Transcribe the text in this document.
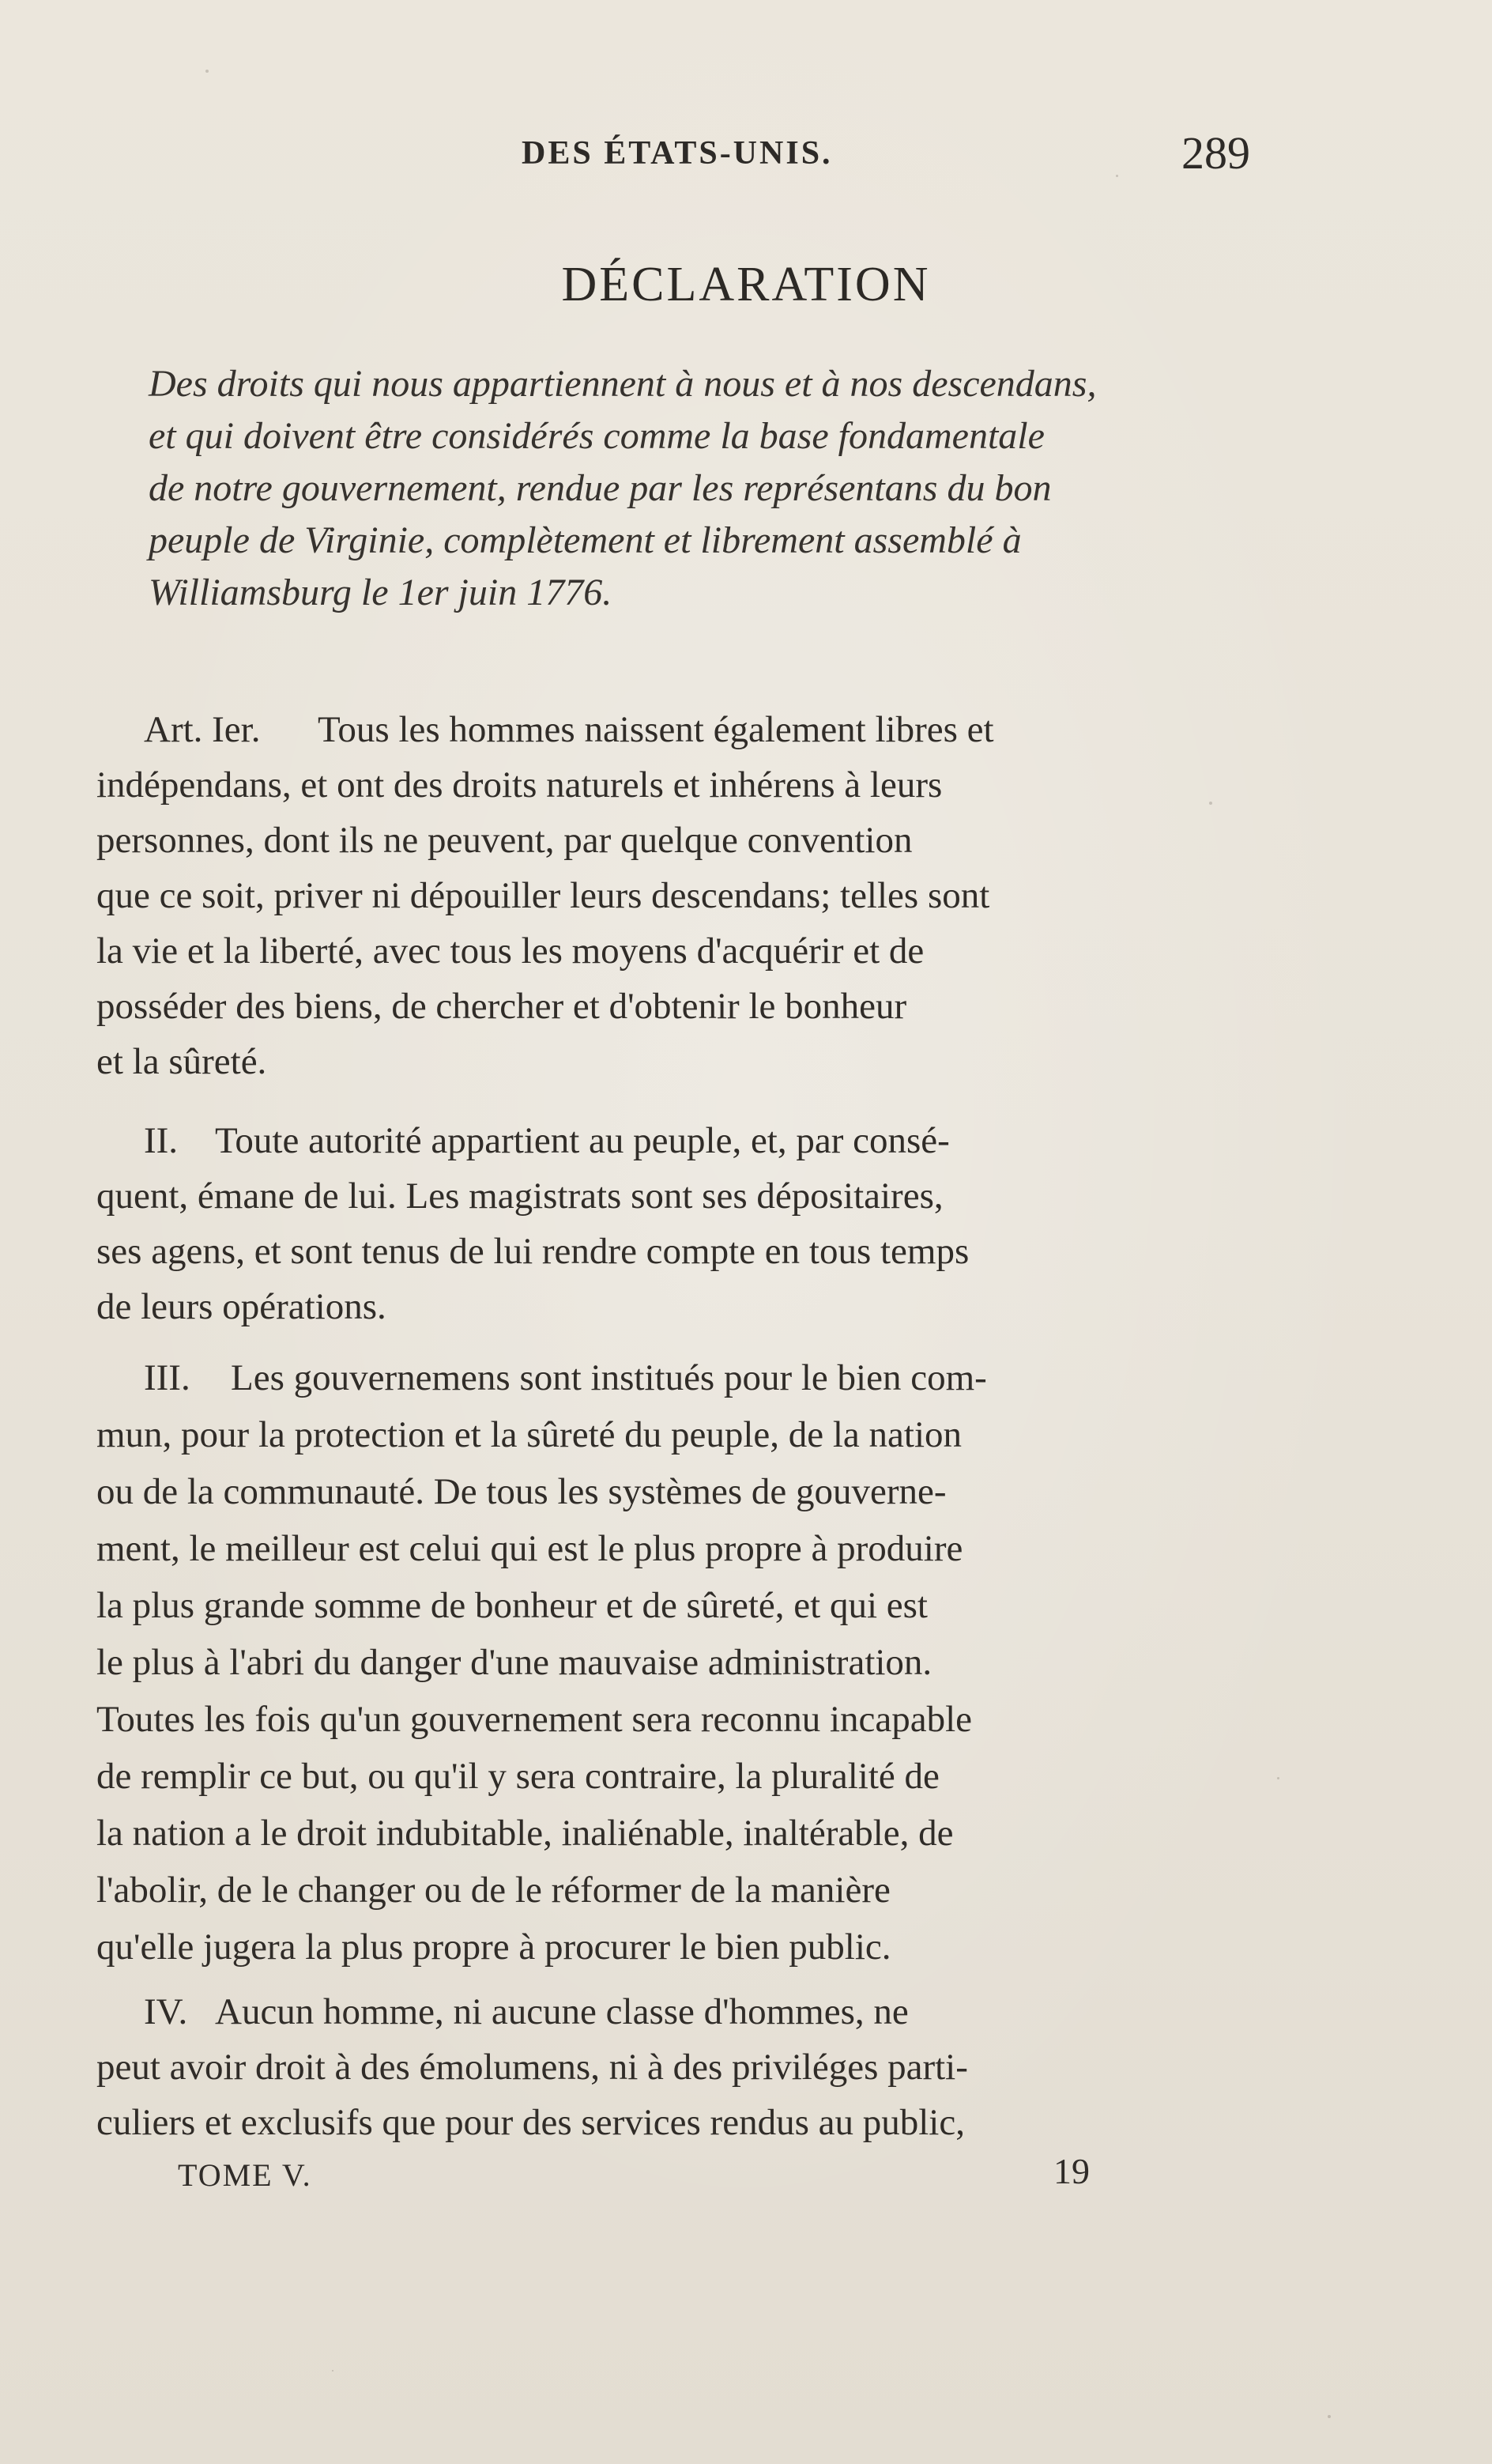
DES ÉTATS-UNIS.	289
DÉCLARATION
Des droits qui nous appartiennent à nous et à nos descendans,
et qui doivent être considérés comme la base fondamentale
de notre gouvernement, rendue par les représentans du bon
peuple de Virginie, complètement et librement assemblé à
Williamsburg le 1er juin 1776.
Art. Ier. Tous les hommes naissent également libres et
indépendans, et ont des droits naturels et inhérens à leurs
personnes, dont ils ne peuvent, par quelque convention
que ce soit, priver ni dépouiller leurs descendans; telles sont
la vie et la liberté, avec tous les moyens d'acquérir et de
posséder des biens, de chercher et d'obtenir le bonheur
et la sûreté.
II. Toute autorité appartient au peuple, et, par consé-
quent, émane de lui. Les magistrats sont ses dépositaires,
ses agens, et sont tenus de lui rendre compte en tous temps
de leurs opérations.
III. Les gouvernemens sont institués pour le bien com-
mun, pour la protection et la sûreté du peuple, de la nation
ou de la communauté. De tous les systèmes de gouverne-
ment, le meilleur est celui qui est le plus propre à produire
la plus grande somme de bonheur et de sûreté, et qui est
le plus à l'abri du danger d'une mauvaise administration.
Toutes les fois qu'un gouvernement sera reconnu incapable
de remplir ce but, ou qu'il y sera contraire, la pluralité de
la nation a le droit indubitable, inaliénable, inaltérable, de
l'abolir, de le changer ou de le réformer de la manière
qu'elle jugera la plus propre à procurer le bien public.
IV. Aucun homme, ni aucune classe d'hommes, ne
peut avoir droit à des émolumens, ni à des priviléges parti-
culiers et exclusifs que pour des services rendus au public,
TOME V.	19
